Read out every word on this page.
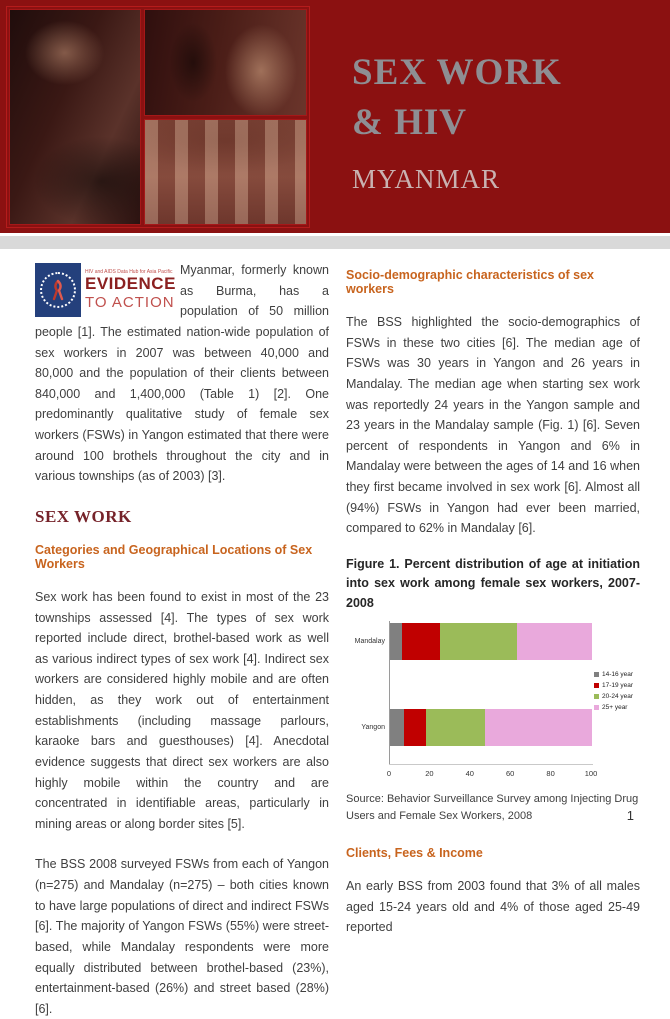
SEX WORK
& HIV
MYANMAR
HIV and AIDS Data Hub for Asia Pacific
EVIDENCE
TO ACTION
Myanmar, formerly known as Burma, has a population of 50 million people [1]. The estimated nation-wide population of sex workers in 2007 was between 40,000 and 80,000 and the population of their clients between 840,000 and 1,400,000 (Table 1) [2]. One predominantly qualitative study of female sex workers (FSWs) in Yangon estimated that there were around 100 brothels throughout the city and in various townships (as of 2003) [3].
SEX WORK
Categories and Geographical Locations of Sex Workers
Sex work has been found to exist in most of the 23 townships assessed [4]. The types of sex work reported include direct, brothel-based work as well as various indirect types of sex work [4]. Indirect sex workers are considered highly mobile and are often hidden, as they work out of entertainment establishments (including massage parlours, karaoke bars and guesthouses) [4]. Anecdotal evidence suggests that direct sex workers are also highly mobile within the country and are concentrated in identifiable areas, particularly in mining areas or along border sites [5].
The BSS 2008 surveyed FSWs from each of Yangon (n=275) and Mandalay (n=275) – both cities known to have large populations of direct and indirect FSWs [6]. The majority of Yangon FSWs (55%) were street-based, while Mandalay respondents were more equally distributed between brothel-based (23%), entertainment-based (26%) and street based (28%) [6].
Socio-demographic characteristics of sex workers
The BSS highlighted the socio-demographics of FSWs in these two cities [6]. The median age of FSWs was 30 years in Yangon and 26 years in Mandalay. The median age when starting sex work was reportedly 24 years in the Yangon sample and 23 years in the Mandalay sample (Fig. 1) [6]. Seven percent of respondents in Yangon and 6% in Mandalay were between the ages of 14 and 16 when they first became involved in sex work [6]. Almost all (94%) FSWs in Yangon had ever been married, compared to 62% in Mandalay [6].
Figure 1. Percent distribution of age at initiation into sex work among female sex workers, 2007-2008
Mandalay
Yangon
0	20	40	60	80	100
14-16 year
17-19 year
20-24 year
25+ year
Source: Behavior Surveillance Survey among Injecting Drug Users and Female Sex Workers, 2008
Clients, Fees & Income
An early BSS from 2003 found that 3% of all males aged 15-24 years old and 4% of those aged 25-49 reported
1
